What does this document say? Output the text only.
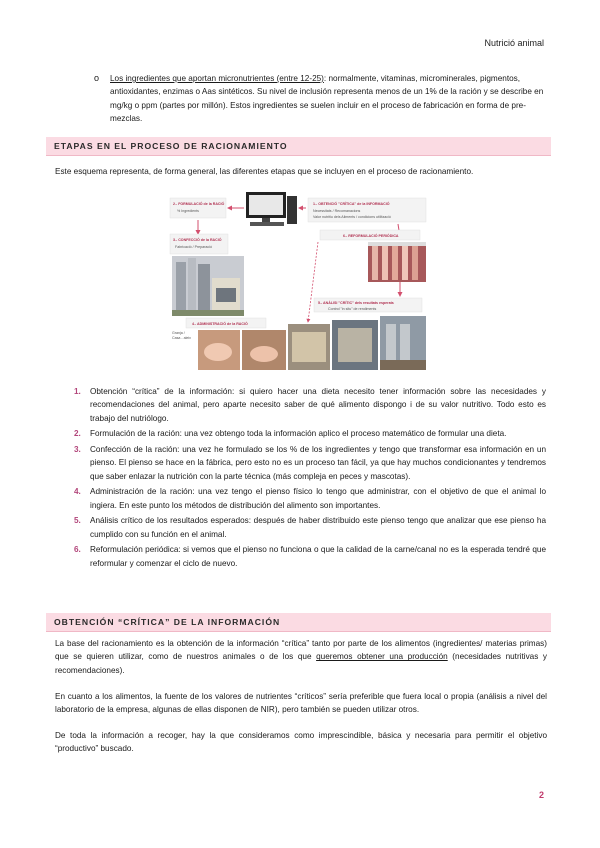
Nutrició animal
o Los ingredientes que aportan micronutrientes (entre 12-25): normalmente, vitaminas, microminerales, pigmentos, antioxidantes, enzimas o Aas sintéticos. Su nivel de inclusión representa menos de un 1% de la ración y se describe en mg/kg o ppm (partes por millón). Estos ingredientes se suelen incluir en el proceso de fabricación en forma de pre-mezclas.
ETAPAS EN EL PROCESO DE RACIONAMIENTO
Este esquema representa, de forma general, las diferentes etapas que se incluyen en el proceso de racionamiento.
2.- FORMULACIÓ de la RACIÓ
% Ingredients
1.- OBTENCIÓ "CRÍTICA" de la INFORMACIÓ
Necessitats / Recomanacions
Valor nutritiu dels Aliments / condicions utilització
6.- REFORMULACIÓ PERIÓDICA
3.- CONFECCIÓ de la RACIÓ
Fabricació / Preparació
5.- ANÀLISI "CRÍTIC" dels resultats esperats
Control "in situ" de rendiments
4.- ADMINISTRACIÓ de la RACIÓ
Granja /
Casa - aleix
1. Obtención “crítica” de la información: si quiero hacer una dieta necesito tener información sobre las necesidades y recomendaciones del animal, pero aparte necesito saber de qué alimento dispongo i de su valor nutritivo. Todo esto es trabajo del nutriólogo.
2. Formulación de la ración: una vez obtengo toda la información aplico el proceso matemático de formular una dieta.
3. Confección de la ración: una vez he formulado se los % de los ingredientes y tengo que transformar esa información en un pienso. El pienso se hace en la fábrica, pero esto no es un proceso tan fácil, ya que hay muchos condicionantes y tendremos que saber enlazar la nutrición con la parte técnica (más compleja en peces y mascotas).
4. Administración de la ración: una vez tengo el pienso físico lo tengo que administrar, con el objetivo de que el animal lo ingiera. En este punto los métodos de distribución del alimento son importantes.
5. Análisis crítico de los resultados esperados: después de haber distribuido este pienso tengo que analizar que ese pienso ha cumplido con su función en el animal.
6. Reformulación periódica: si vemos que el pienso no funciona o que la calidad de la carne/canal no es la esperada tendré que reformular y comenzar el ciclo de nuevo.
OBTENCIÓN “CRÍTICA” DE LA INFORMACIÓN
La base del racionamiento es la obtención de la información “crítica” tanto por parte de los alimentos (ingredientes/ materias primas) que se quieren utilizar, como de nuestros animales o de los que queremos obtener una producción (necesidades nutritivas y recomendaciones).
En cuanto a los alimentos, la fuente de los valores de nutrientes “críticos” sería preferible que fuera local o propia (análisis a nivel del laboratorio de la empresa, algunas de ellas disponen de NIR), pero también se pueden utilizar otros.
De toda la información a recoger, hay la que consideramos como imprescindible, básica y necesaria para permitir el objetivo “productivo” buscado.
2
